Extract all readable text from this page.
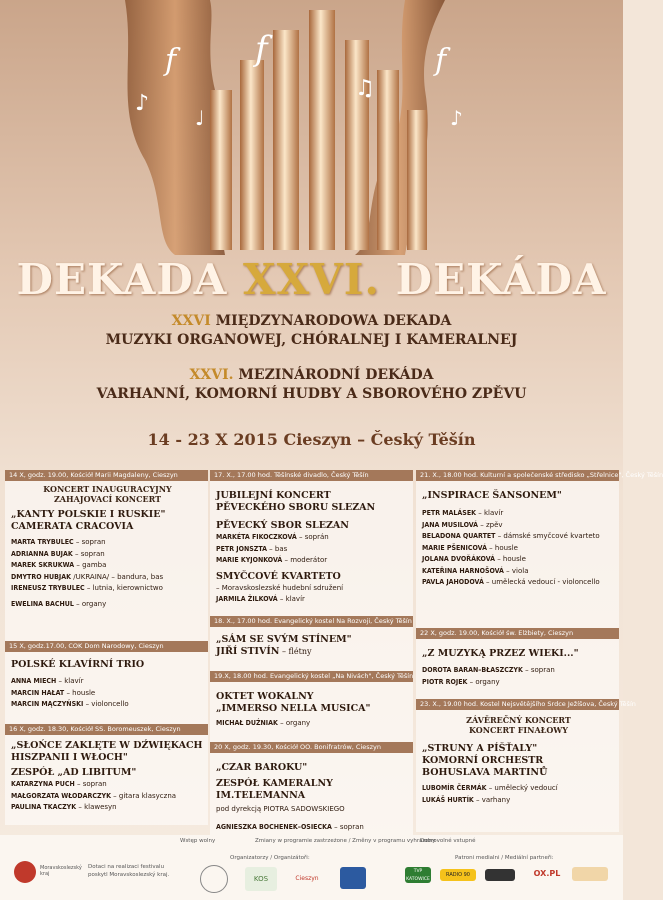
f f	f
♪
♫
♩	♪
DEKADA XXVI. DEKÁDA
XXVI MIĘDZYNARODOWA DEKADA
MUZYKI ORGANOWEJ, CHÓRALNEJ I KAMERALNEJ
XXVI. MEZINÁRODNÍ DEKÁDA
VARHANNÍ, KOMORNÍ HUDBY A SBOROVÉHO ZPĚVU
14 - 23 X 2015 Cieszyn – Český Těšín
14 X, godz. 19.00, Kościół Marii Magdaleny, Cieszyn
KONCERT INAUGURACYJNY
ZAHAJOVACÍ KONCERT
„KANTY POLSKIE I RUSKIE"
CAMERATA CRACOVIA
MARTA TRYBULEC – sopran
ADRIANNA BUJAK – sopran
MAREK SKRUKWA – gamba
DMYTRO HUBJAK /UKRAINA/ – bandura, bas
IRENEUSZ TRYBULEC – lutnia, kierownictwo
EWELINA BACHUL – organy
15 X, godz.17.00, COK Dom Narodowy, Cieszyn
POLSKÉ KLAVÍRNÍ TRIO
ANNA MIECH – klavír
MARCIN HAŁAT – housle
MARCIN MĄCZYŃSKI – violoncello
16 X, godz. 18.30, Kościół SS. Boromeuszek, Cieszyn
„SŁOŃCE ZAKLĘTE W DŹWIĘKACH
HISZPANII I WŁOCH"
ZESPÓŁ „AD LIBITUM"
KATARZYNA PUCH – sopran
MAŁGORZATA WŁODARCZYK – gitara klasyczna
PAULINA TKACZYK – klawesyn
17. X., 17.00 hod. Těšínské divadlo, Český Těšín
JUBILEJNÍ KONCERT
PĚVECKÉHO SBORU SLEZAN
PĚVECKÝ SBOR SLEZAN
MARKÉTA FIKOCZKOVÁ – soprán
PETR JONSZTA – bas
MARIE KYJONKOVÁ – moderátor
SMYČCOVÉ KVARTETO
– Moravskoslezské hudební sdružení
JARMILA ŽILKOVÁ – klavír
18. X., 17.00 hod. Evangelický kostel Na Rozvoji, Český Těšín
„SÁM SE SVÝM STÍNEM"
JIŘÍ STIVÍN – flétny
19.X, 18.00 hod. Evangelický kostel „Na Nivách", Český Těšín
OKTET WOKALNY
„IMMERSO NELLA MUSICA"
MICHAŁ DUŹNIAK – organy
20 X, godz. 19.30, Kościół OO. Bonifratrów, Cieszyn
„CZAR BAROKU"
ZESPÓŁ KAMERALNY IM.TELEMANNA
pod dyrekcją PIOTRA SADOWSKIEGO
AGNIESZKA BOCHENEK–OSIECKA – sopran
21. X., 18.00 hod. Kulturní a společenské středisko „Střelnice", Český Těšín
„INSPIRACE ŠANSONEM"
PETR MALÁSEK – klavír
JANA MUSILOVÁ – zpěv
BELADONA QUARTET – dámské smyčcové kvarteto
MARIE PŠENICOVÁ – housle
JOLANA DVOŘÁKOVÁ – housle
KATEŘINA HARNOŠOVÁ – viola
PAVLA JAHODOVÁ – umělecká vedoucí - violoncello
22 X, godz. 19.00, Kościół św. Elżbiety, Cieszyn
„Z MUZYKĄ PRZEZ WIEKI..."
DOROTA BARAN–BŁASZCZYK – sopran
PIOTR ROJEK – organy
23. X., 19.00 hod. Kostel Nejsvětějšího Srdce Ježíšova, Český Těšín
ZÁVĚREČNÝ KONCERT
KONCERT FINAŁOWY
„STRUNY A PÍŠŤALY"
KOMORNÍ ORCHESTR
BOHUSLAVA MARTINŮ
LUBOMÍR ČERMÁK – umělecký vedoucí
LUKÁŠ HURTÍK – varhany
Wstęp wolny	Zmiany w programie zastrzeżone / Změny v programu vyhrazeny
Dobrovolné vstupné
Moravskoslezský kraj
Dotaci na realizaci festivalu poskytl Moravskoslezský kraj.
Organizatorzy / Organizátoři:
KOS	Cieszyn
Patroni medialni / Mediální partneři:
TVP KATOWICE
RADIO 90	OX.PL
